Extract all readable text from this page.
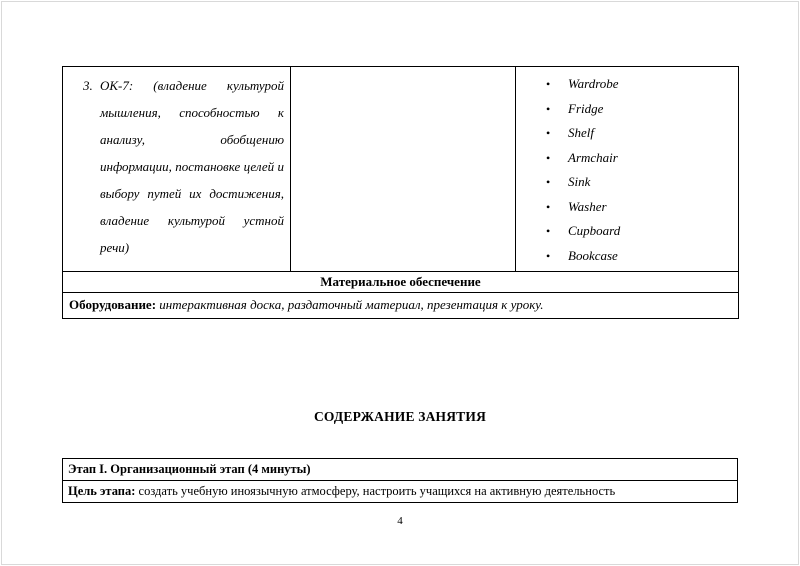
3. ОК-7: (владение культурой мышления, способностью к анализу, обобщению информации, постановке целей и выбору путей их достижения, владение культурой устной речи)

•	Wardrobe
•	Fridge
•	Shelf
•	Armchair
•	Sink
•	Washer
•	Cupboard
•	Bookcase

Материальное обеспечение
Оборудование: интерактивная доска, раздаточный материал, презентация к уроку.
СОДЕРЖАНИЕ ЗАНЯТИЯ
Этап I. Организационный этап (4 минуты)
Цель этапа: создать учебную иноязычную атмосферу, настроить учащихся на активную деятельность
4
